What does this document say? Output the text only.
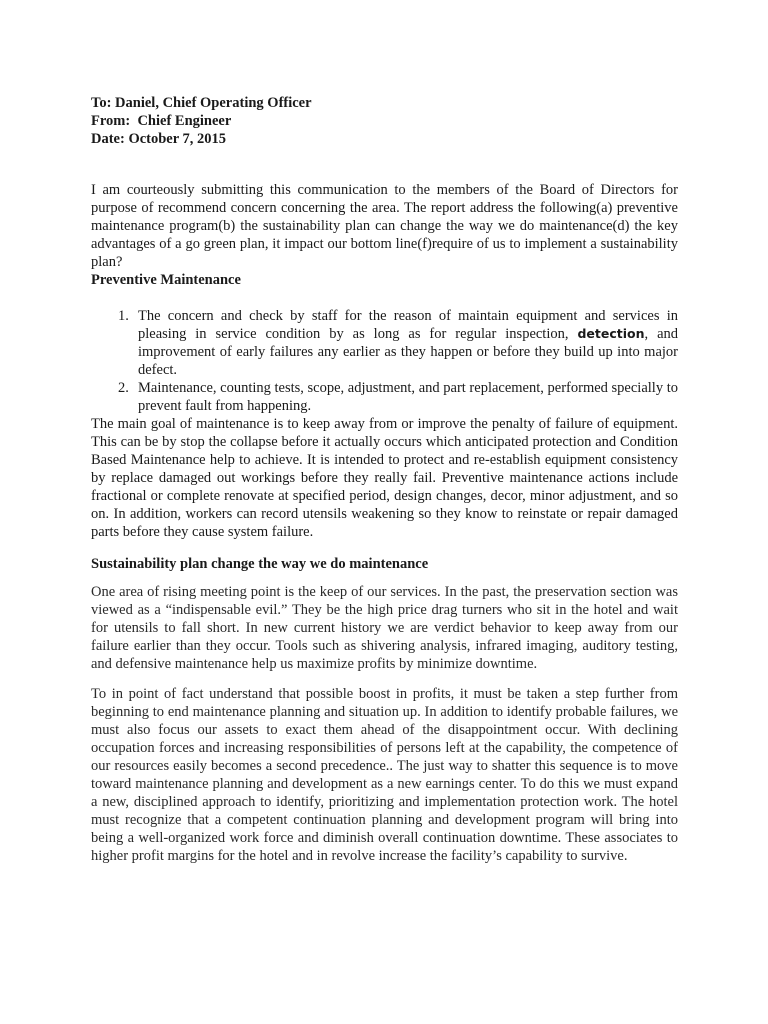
To: Daniel, Chief Operating Officer
From:  Chief Engineer
Date: October 7, 2015
I am courteously submitting this communication to the members of the Board of Directors for purpose of recommend concern concerning the area. The report address the following(a) preventive maintenance program(b) the sustainability plan can change the way we do maintenance(d) the key advantages of a go green plan, it impact our bottom line(f)require of us to implement a sustainability plan?
Preventive Maintenance
1. The concern and check by staff for the reason of maintain equipment and services in pleasing in service condition by as long as for regular inspection, detection, and improvement of early failures any earlier as they happen or before they build up into major defect.
2. Maintenance, counting tests, scope, adjustment, and part replacement, performed specially to prevent fault from happening.
The main goal of maintenance is to keep away from or improve the penalty of failure of equipment. This can be by stop the collapse before it actually occurs which anticipated protection and Condition Based Maintenance help to achieve. It is intended to protect and re-establish equipment consistency by replace damaged out workings before they really fail. Preventive maintenance actions include fractional or complete renovate at specified period, design changes, decor, minor adjustment, and so on. In addition, workers can record utensils weakening so they know to reinstate or repair damaged parts before they cause system failure.
Sustainability plan change the way we do maintenance
One area of rising meeting point is the keep of our services. In the past, the preservation section was viewed as a “indispensable evil.” They be the high price drag turners who sit in the hotel and wait for utensils to fall short. In new current history we are verdict behavior to keep away from our failure earlier than they occur. Tools such as shivering analysis, infrared imaging, auditory testing, and defensive maintenance help us maximize profits by minimize downtime.
To in point of fact understand that possible boost in profits, it must be taken a step further from beginning to end maintenance planning and situation up. In addition to identify probable failures, we must also focus our assets to exact them ahead of the disappointment occur. With declining occupation forces and increasing responsibilities of persons left at the capability, the competence of our resources easily becomes a second precedence.. The just way to shatter this sequence is to move toward maintenance planning and development as a new earnings center. To do this we must expand a new, disciplined approach to identify, prioritizing and implementation protection work. The hotel must recognize that a competent continuation planning and development program will bring into being a well-organized work force and diminish overall continuation downtime. These associates to higher profit margins for the hotel and in revolve increase the facility’s capability to survive.
